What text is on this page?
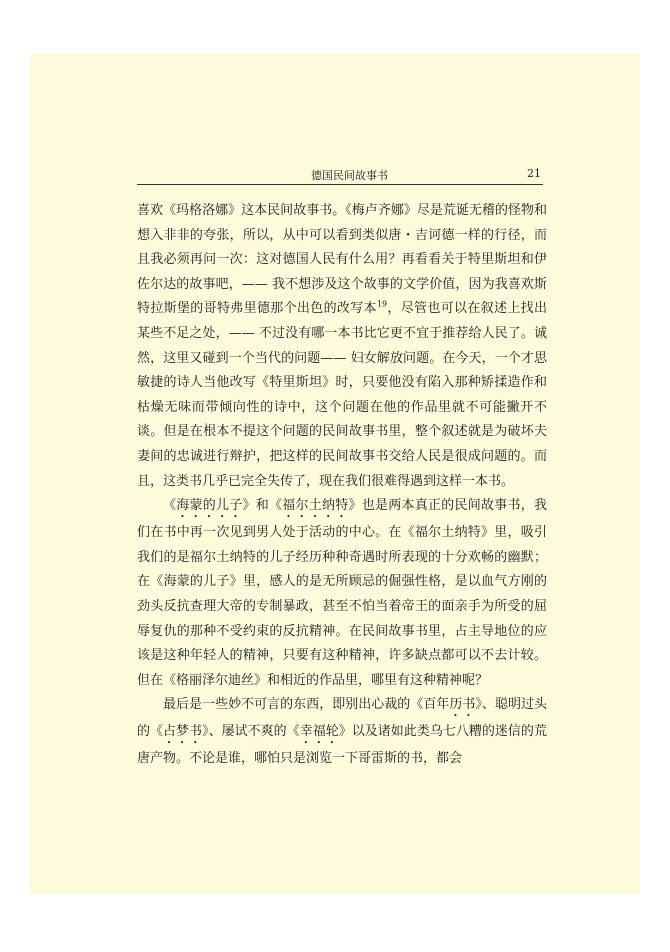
德国民间故事书	21

喜欢《玛格洛娜》这本民间故事书。《梅卢齐娜》尽是荒诞无稽的怪物和想入非非的夸张，所以，从中可以看到类似唐・吉诃德一样的行径，而且我必须再问一次：这对德国人民有什么用？再看看关于特里斯坦和伊佐尔达的故事吧，—— 我不想涉及这个故事的文学价值，因为我喜欢斯特拉斯堡的哥特弗里德那个出色的改写本$^{19}$，尽管也可以在叙述上找出某些不足之处，—— 不过没有哪一本书比它更不宜于推荐给人民了。诚然，这里又碰到一个当代的问题—— 妇女解放问题。在今天，一个才思敏捷的诗人当他改写《特里斯坦》时，只要他没有陷入那种矫揉造作和枯燥无味而带倾向性的诗中，这个问题在他的作品里就不可能撇开不谈。但是在根本不提这个问题的民间故事书里，整个叙述就是为破坏夫妻间的忠诚进行辩护，把这样的民间故事书交给人民是很成问题的。而且，这类书几乎已完全失传了，现在我们很难得遇到这样一本书。

《海蒙的儿子》和《福尔土纳特》也是两本真正的民间故事书，我们在书中再一次见到男人处于活动的中心。在《福尔土纳特》里，吸引我们的是福尔土纳特的儿子经历种种奇遇时所表现的十分欢畅的幽默；在《海蒙的儿子》里，感人的是无所顾忌的倔强性格，是以血气方刚的劲头反抗查理大帝的专制暴政，甚至不怕当着帝王的面亲手为所受的屈辱复仇的那种不受约束的反抗精神。在民间故事书里，占主导地位的应该是这种年轻人的精神，只要有这种精神，许多缺点都可以不去计较。但在《格丽泽尔迪丝》和相近的作品里，哪里有这种精神呢？

最后是一些妙不可言的东西，即别出心裁的《百年历书》、聪明过头的《占梦书》、屡试不爽的《幸福轮》以及诸如此类乌七八糟的迷信的荒唐产物。不论是谁，哪怕只是浏览一下哥雷斯的书，都会
